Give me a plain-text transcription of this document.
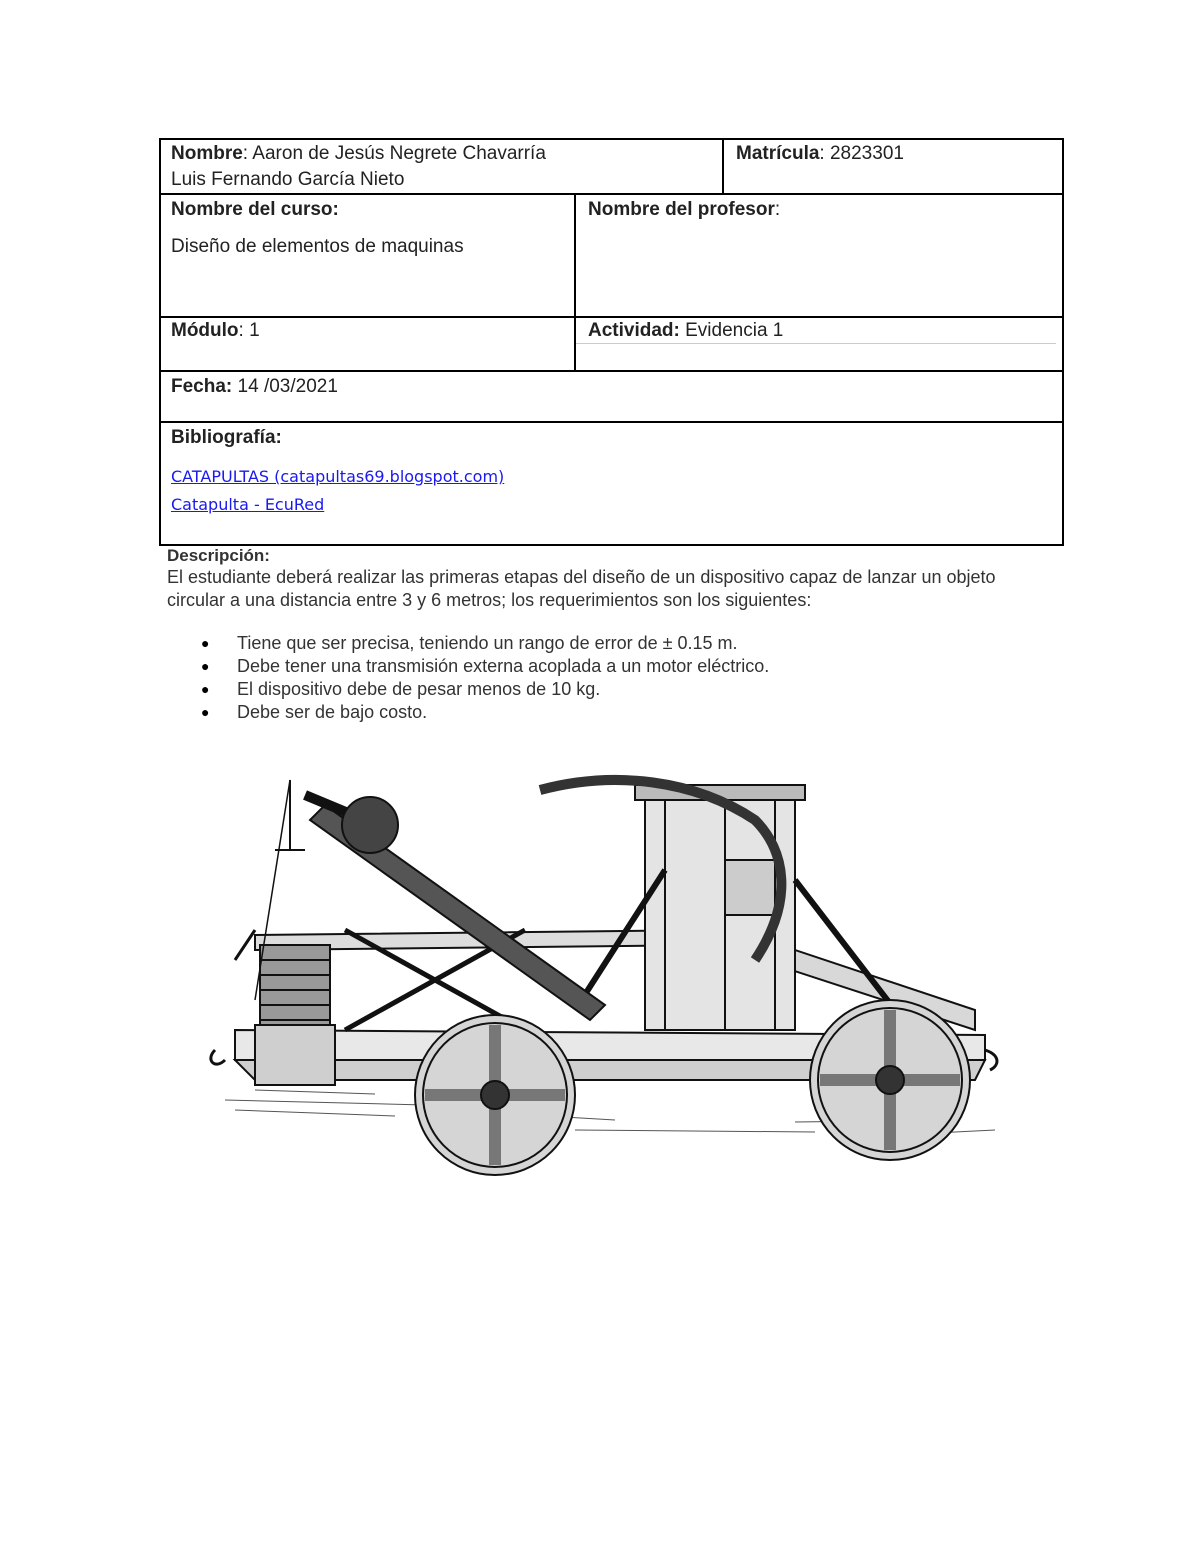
Nombre: Aaron de Jesús Negrete Chavarría
Luis Fernando García Nieto
Matrícula: 2823301
Nombre del curso:
Diseño de elementos de maquinas
Nombre del profesor:
Módulo: 1	Actividad: Evidencia 1
Fecha: 14 /03/2021
Bibliografía:
CATAPULTAS (catapultas69.blogspot.com)
Catapulta - EcuRed
Descripción:
El estudiante deberá realizar las primeras etapas del diseño de un dispositivo capaz de lanzar un objeto circular a una distancia entre 3 y 6 metros; los requerimientos son los siguientes:
● Tiene que ser precisa, teniendo un rango de error de ± 0.15 m.
● Debe tener una transmisión externa acoplada a un motor eléctrico.
● El dispositivo debe de pesar menos de 10 kg.
● Debe ser de bajo costo.
